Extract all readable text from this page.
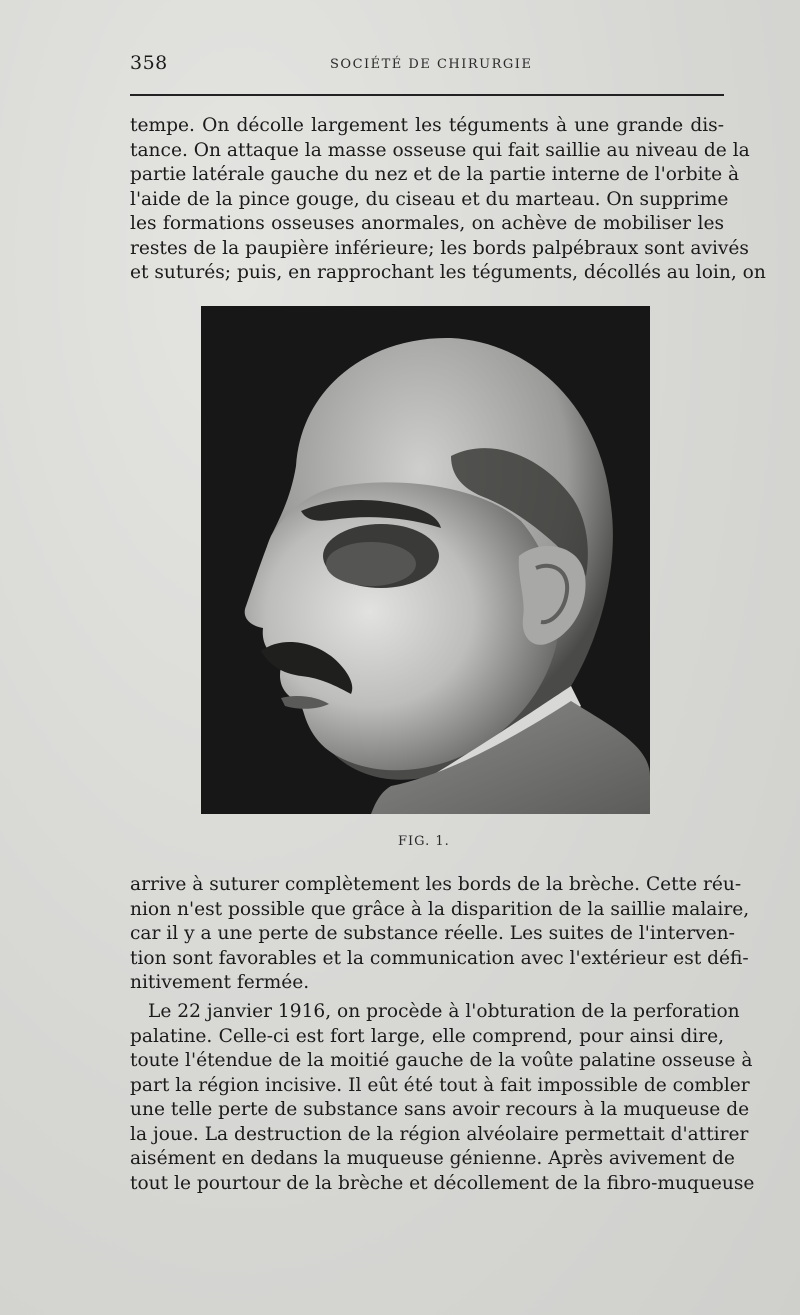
358	SOCIÉTÉ DE CHIRURGIE
tempe. On décolle largement les téguments à une grande dis-
tance. On attaque la masse osseuse qui fait saillie au niveau de la
partie latérale gauche du nez et de la partie interne de l'orbite à
l'aide de la pince gouge, du ciseau et du marteau. On supprime
les formations osseuses anormales, on achève de mobiliser les
restes de la paupière inférieure; les bords palpébraux sont avivés
et suturés; puis, en rapprochant les téguments, décollés au loin, on
FIG. 1.
arrive à suturer complètement les bords de la brèche. Cette réu-
nion n'est possible que grâce à la disparition de la saillie malaire,
car il y a une perte de substance réelle. Les suites de l'interven-
tion sont favorables et la communication avec l'extérieur est défi-
nitivement fermée.
Le 22 janvier 1916, on procède à l'obturation de la perforation
palatine. Celle-ci est fort large, elle comprend, pour ainsi dire,
toute l'étendue de la moitié gauche de la voûte palatine osseuse à
part la région incisive. Il eût été tout à fait impossible de combler
une telle perte de substance sans avoir recours à la muqueuse de
la joue. La destruction de la région alvéolaire permettait d'attirer
aisément en dedans la muqueuse génienne. Après avivement de
tout le pourtour de la brèche et décollement de la fibro-muqueuse
